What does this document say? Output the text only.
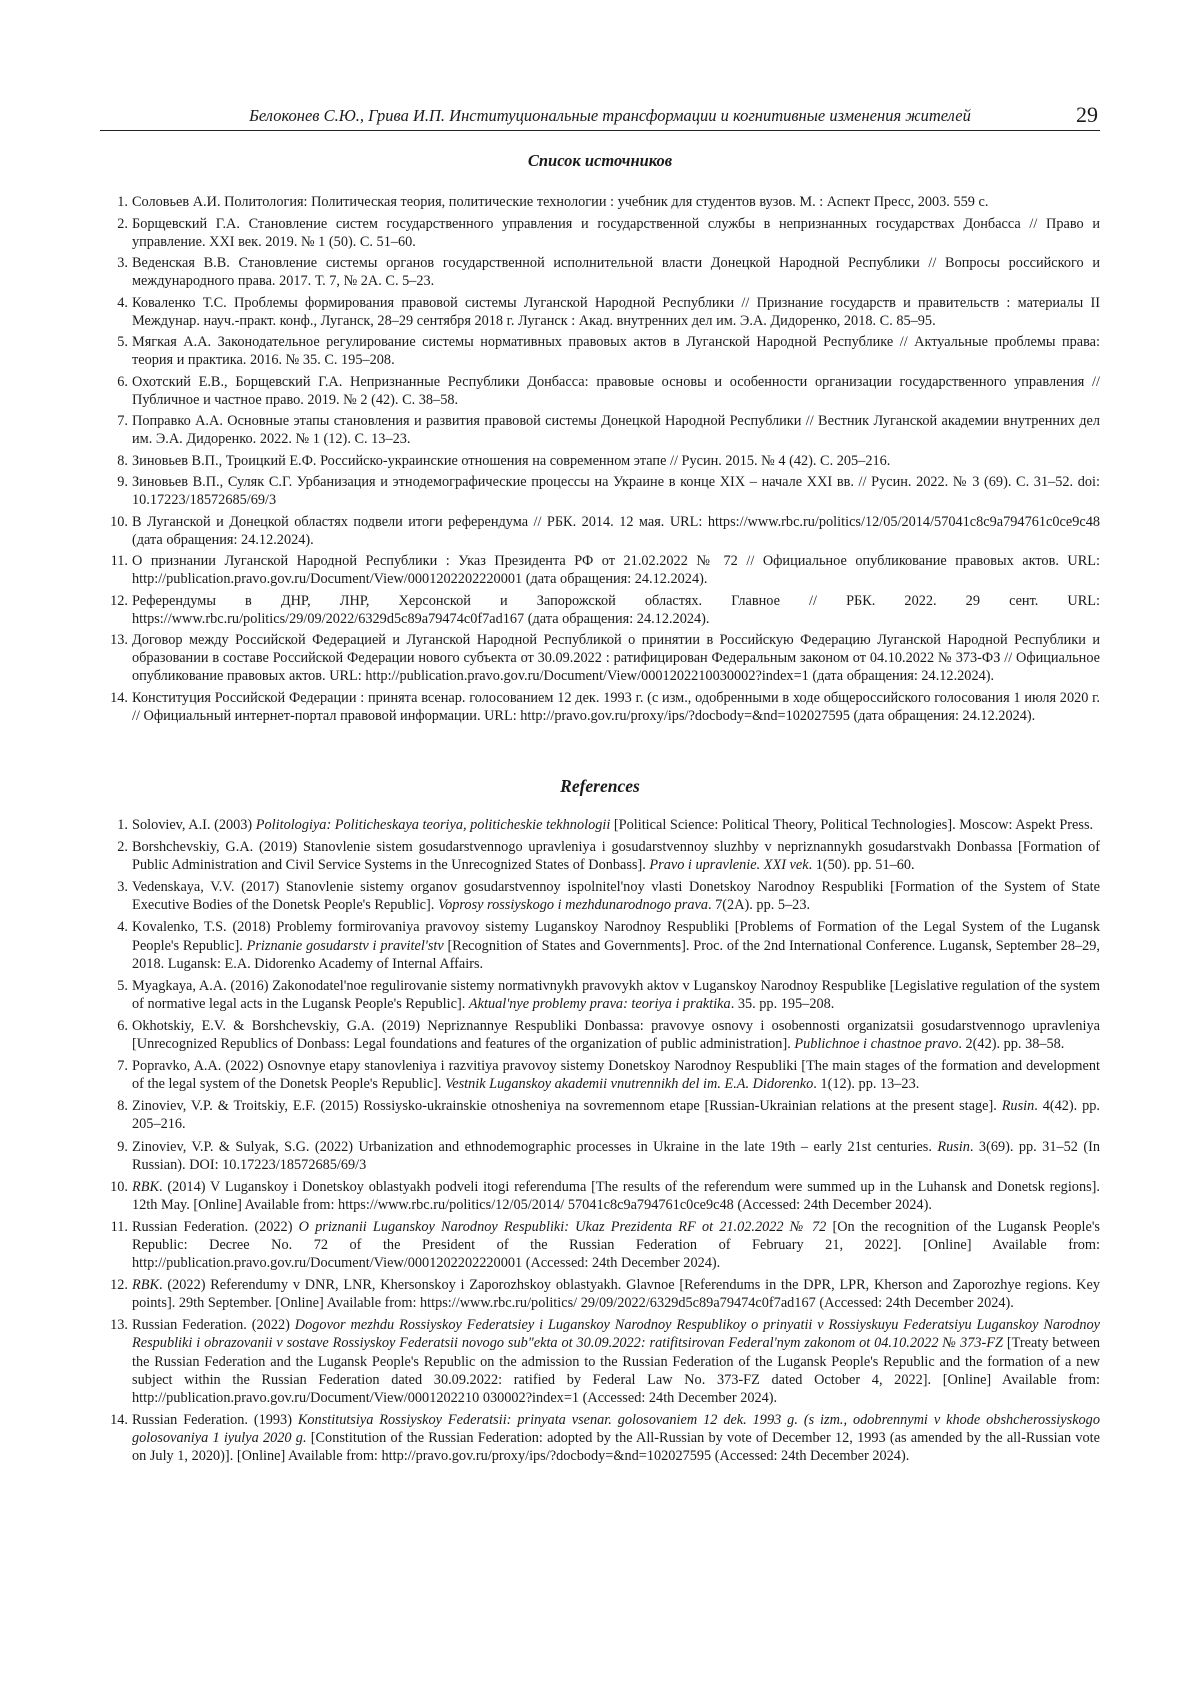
Белоконев С.Ю., Грива И.П. Институциональные трансформации и когнитивные изменения жителей	29
Список источников
1. Соловьев А.И. Политология: Политическая теория, политические технологии : учебник для студентов вузов. М. : Аспект Пресс, 2003. 559 с.
2. Борщевский Г.А. Становление систем государственного управления и государственной службы в непризнанных государствах Донбасса // Право и управление. XXI век. 2019. № 1 (50). С. 51–60.
3. Веденская В.В. Становление системы органов государственной исполнительной власти Донецкой Народной Республики // Вопросы российского и международного права. 2017. Т. 7, № 2А. С. 5–23.
4. Коваленко Т.С. Проблемы формирования правовой системы Луганской Народной Республики // Признание государств и правительств : материалы II Междунар. науч.-практ. конф., Луганск, 28–29 сентября 2018 г. Луганск : Акад. внутренних дел им. Э.А. Дидоренко, 2018. С. 85–95.
5. Мягкая А.А. Законодательное регулирование системы нормативных правовых актов в Луганской Народной Республике // Актуальные проблемы права: теория и практика. 2016. № 35. С. 195–208.
6. Охотский Е.В., Борщевский Г.А. Непризнанные Республики Донбасса: правовые основы и особенности организации государственного управления // Публичное и частное право. 2019. № 2 (42). С. 38–58.
7. Поправко А.А. Основные этапы становления и развития правовой системы Донецкой Народной Республики // Вестник Луганской академии внутренних дел им. Э.А. Дидоренко. 2022. № 1 (12). С. 13–23.
8. Зиновьев В.П., Троицкий Е.Ф. Российско-украинские отношения на современном этапе // Русин. 2015. № 4 (42). С. 205–216.
9. Зиновьев В.П., Суляк С.Г. Урбанизация и этнодемографические процессы на Украине в конце XIX – начале XXI вв. // Русин. 2022. № 3 (69). С. 31–52. doi: 10.17223/18572685/69/3
10. В Луганской и Донецкой областях подвели итоги референдума // РБК. 2014. 12 мая. URL: https://www.rbc.ru/politics/12/05/2014/57041c8c9a794761c0ce9c48 (дата обращения: 24.12.2024).
11. О признании Луганской Народной Республики : Указ Президента РФ от 21.02.2022 № 72 // Официальное опубликование правовых актов. URL: http://publication.pravo.gov.ru/Document/View/0001202202220001 (дата обращения: 24.12.2024).
12. Референдумы в ДНР, ЛНР, Херсонской и Запорожской областях. Главное // РБК. 2022. 29 сент. URL: https://www.rbc.ru/politics/29/09/2022/6329d5c89a79474c0f7ad167 (дата обращения: 24.12.2024).
13. Договор между Российской Федерацией и Луганской Народной Республикой о принятии в Российскую Федерацию Луганской Народной Республики и образовании в составе Российской Федерации нового субъекта от 30.09.2022 : ратифицирован Федеральным законом от 04.10.2022 № 373-ФЗ // Официальное опубликование правовых актов. URL: http://publication.pravo.gov.ru/Document/View/0001202210030002?index=1 (дата обращения: 24.12.2024).
14. Конституция Российской Федерации : принята всенар. голосованием 12 дек. 1993 г. (с изм., одобренными в ходе общероссийского голосования 1 июля 2020 г. // Официальный интернет-портал правовой информации. URL: http://pravo.gov.ru/proxy/ips/?docbody=&nd=102027595 (дата обращения: 24.12.2024).
References
1. Soloviev, A.I. (2003) Politologiya: Politicheskaya teoriya, politicheskie tekhnologii [Political Science: Political Theory, Political Technologies]. Moscow: Aspekt Press.
2. Borshchevskiy, G.A. (2019) Stanovlenie sistem gosudarstvennogo upravleniya i gosudarstvennoy sluzhby v nepriznannykh gosudarstvakh Donbassa [Formation of Public Administration and Civil Service Systems in the Unrecognized States of Donbass]. Pravo i upravlenie. XXI vek. 1(50). pp. 51–60.
3. Vedenskaya, V.V. (2017) Stanovlenie sistemy organov gosudarstvennoy ispolnitel'noy vlasti Donetskoy Narodnoy Respubliki [Formation of the System of State Executive Bodies of the Donetsk People's Republic]. Voprosy rossiyskogo i mezhdunarodnogo prava. 7(2A). pp. 5–23.
4. Kovalenko, T.S. (2018) Problemy formirovaniya pravovoy sistemy Luganskoy Narodnoy Respubliki [Problems of Formation of the Legal System of the Lugansk People's Republic]. Priznanie gosudarstv i pravitel'stv [Recognition of States and Governments]. Proc. of the 2nd International Conference. Lugansk, September 28–29, 2018. Lugansk: E.A. Didorenko Academy of Internal Affairs.
5. Myagkaya, A.A. (2016) Zakonodatel'noe regulirovanie sistemy normativnykh pravovykh aktov v Luganskoy Narodnoy Respublike [Legislative regulation of the system of normative legal acts in the Lugansk People's Republic]. Aktual'nye problemy prava: teoriya i praktika. 35. pp. 195–208.
6. Okhotskiy, E.V. & Borshchevskiy, G.A. (2019) Nepriznannye Respubliki Donbassa: pravovye osnovy i osobennosti organizatsii gosudarstvennogo upravleniya [Unrecognized Republics of Donbass: Legal foundations and features of the organization of public administration]. Publichnoe i chastnoe pravo. 2(42). pp. 38–58.
7. Popravko, A.A. (2022) Osnovnye etapy stanovleniya i razvitiya pravovoy sistemy Donetskoy Narodnoy Respubliki [The main stages of the formation and development of the legal system of the Donetsk People's Republic]. Vestnik Luganskoy akademii vnutrennikh del im. E.A. Didorenko. 1(12). pp. 13–23.
8. Zinoviev, V.P. & Troitskiy, E.F. (2015) Rossiysko-ukrainskie otnosheniya na sovremennom etape [Russian-Ukrainian relations at the present stage]. Rusin. 4(42). pp. 205–216.
9. Zinoviev, V.P. & Sulyak, S.G. (2022) Urbanization and ethnodemographic processes in Ukraine in the late 19th – early 21st centuries. Rusin. 3(69). pp. 31–52 (In Russian). DOI: 10.17223/18572685/69/3
10. RBK. (2014) V Luganskoy i Donetskoy oblastyakh podveli itogi referenduma [The results of the referendum were summed up in the Luhansk and Donetsk regions]. 12th May. [Online] Available from: https://www.rbc.ru/politics/12/05/2014/ 57041c8c9a794761c0ce9c48 (Accessed: 24th December 2024).
11. Russian Federation. (2022) O priznanii Luganskoy Narodnoy Respubliki: Ukaz Prezidenta RF ot 21.02.2022 № 72 [On the recognition of the Lugansk People's Republic: Decree No. 72 of the President of the Russian Federation of February 21, 2022]. [Online] Available from: http://publication.pravo.gov.ru/Document/View/0001202202220001 (Accessed: 24th December 2024).
12. RBK. (2022) Referendumy v DNR, LNR, Khersonskoy i Zaporozhskoy oblastyakh. Glavnoe [Referendums in the DPR, LPR, Kherson and Zaporozhye regions. Key points]. 29th September. [Online] Available from: https://www.rbc.ru/politics/ 29/09/2022/6329d5c89a79474c0f7ad167 (Accessed: 24th December 2024).
13. Russian Federation. (2022) Dogovor mezhdu Rossiyskoy Federatsiey i Luganskoy Narodnoy Respublikoy o prinyatii v Rossiyskuyu Federatsiyu Luganskoy Narodnoy Respubliki i obrazovanii v sostave Rossiyskoy Federatsii novogo sub"ekta ot 30.09.2022: ratifitsirovan Federal'nym zakonom ot 04.10.2022 № 373-FZ [Treaty between the Russian Federation and the Lugansk People's Republic on the admission to the Russian Federation of the Lugansk People's Republic and the formation of a new subject within the Russian Federation dated 30.09.2022: ratified by Federal Law No. 373-FZ dated October 4, 2022]. [Online] Available from: http://publication.pravo.gov.ru/Document/View/0001202210 030002?index=1 (Accessed: 24th December 2024).
14. Russian Federation. (1993) Konstitutsiya Rossiyskoy Federatsii: prinyata vsenar. golosovaniem 12 dek. 1993 g. (s izm., odobrennymi v khode obshcherossiyskogo golosovaniya 1 iyulya 2020 g. [Constitution of the Russian Federation: adopted by the All-Russian by vote of December 12, 1993 (as amended by the all-Russian vote on July 1, 2020)]. [Online] Available from: http://pravo.gov.ru/proxy/ips/?docbody=&nd=102027595 (Accessed: 24th December 2024).
